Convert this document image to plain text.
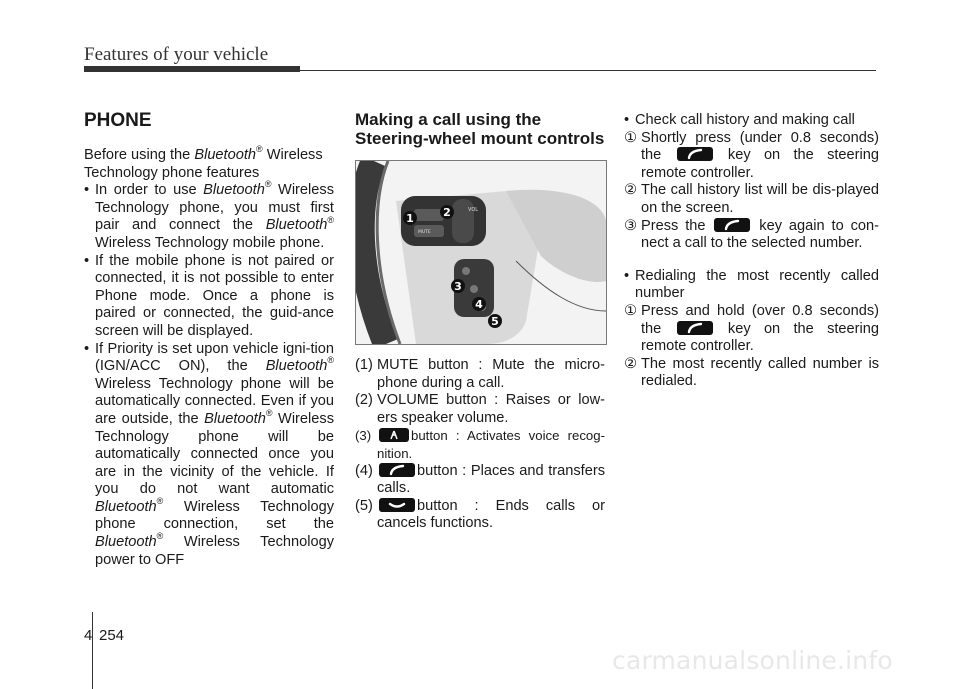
Features of your vehicle
PHONE

Before using the Bluetooth® Wireless Technology phone features

• In order to use Bluetooth® Wireless Technology phone, you must first pair and connect the Bluetooth® Wireless Technology mobile phone.
• If the mobile phone is not paired or connected, it is not possible to enter Phone mode. Once a phone is paired or connected, the guid-ance screen will be displayed.
• If Priority is set upon vehicle igni-tion (IGN/ACC ON), the Bluetooth® Wireless Technology phone will be automatically connected. Even if you are outside, the Bluetooth® Wireless Technology phone will be automatically connected once you are in the vicinity of the vehicle. If you do not want automatic Bluetooth® Wireless Technology phone connection, set the Bluetooth® Wireless Technology power to OFF
Making a call using the Steering-wheel mount controls
VOL
MUTE
1	2
3
4
5
(1) MUTE button : Mute the micro-phone during a call.
(2) VOLUME button : Raises or low-ers speaker volume.
(3)	button : Activates voice recog-nition.
(4)	button : Places and transfers calls.
(5)	button : Ends calls or cancels functions.
• Check call history and making call
① Shortly press (under 0.8 seconds) the	key on the steering remote controller.
② The call history list will be dis-played on the screen.
③ Press the	key again to con-nect a call to the selected number.
• Redialing the most recently called number
① Press and hold (over 0.8 seconds) the	key on the steering remote controller.
② The most recently called number is redialed.
4 254
carmanualsonline.info
